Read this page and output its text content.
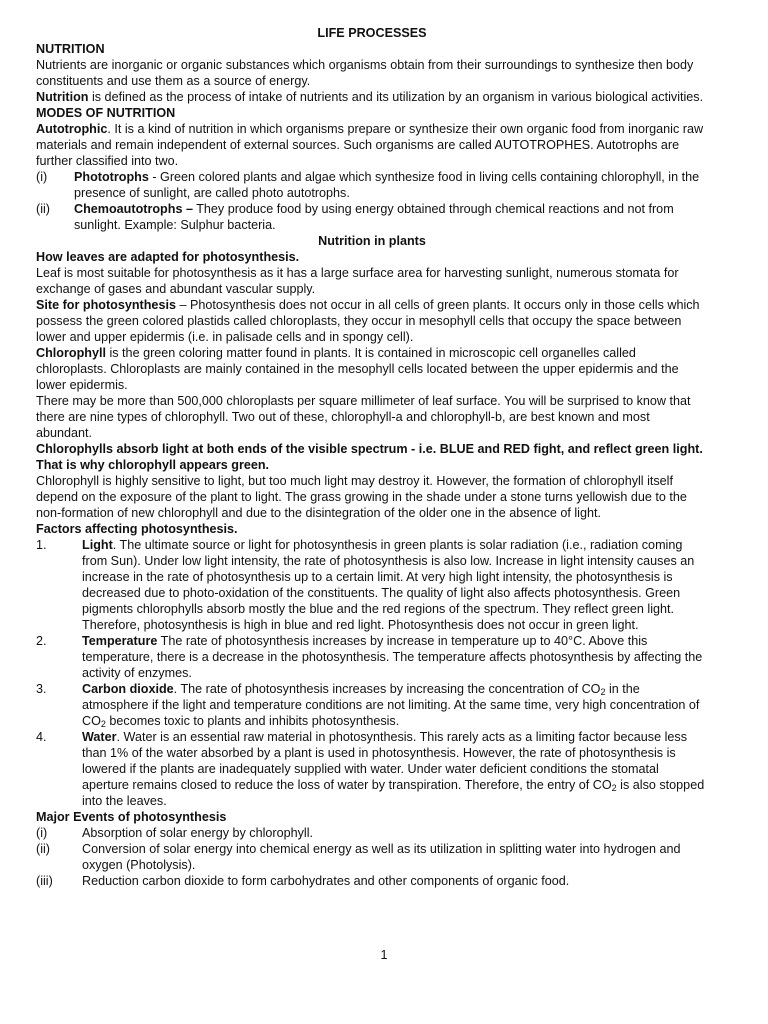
LIFE PROCESSES
NUTRITION

Nutrients are inorganic or organic substances which organisms obtain from their surroundings to synthesize then body constituents and use them as a source of energy.

Nutrition is defined as the process of intake of nutrients and its utilization by an organism in various biological activities.

MODES OF NUTRITION

Autotrophic. It is a kind of nutrition in which organisms prepare or synthesize their own organic food from inorganic raw materials and remain independent of external sources. Such organisms are called AUTOTROPHES. Autotrophs are further classified into two.

(i)	Phototrophs - Green colored plants and algae which synthesize food in living cells containing chlorophyll, in the presence of sunlight, are called photo autotrophs.
(ii)	Chemoautotrophs – They produce food by using energy obtained through chemical reactions and not from sunlight. Example: Sulphur bacteria.
Nutrition in plants
How leaves are adapted for photosynthesis.

Leaf is most suitable for photosynthesis as it has a large surface area for harvesting sunlight, numerous stomata for exchange of gases and abundant vascular supply.

Site for photosynthesis – Photosynthesis does not occur in all cells of green plants. It occurs only in those cells which possess the green colored plastids called chloroplasts, they occur in mesophyll cells that occupy the space between lower and upper epidermis (i.e. in palisade cells and in spongy cell).

Chlorophyll is the green coloring matter found in plants. It is contained in microscopic cell organelles called chloroplasts. Chloroplasts are mainly contained in the mesophyll cells located between the upper epidermis and the lower epidermis.

There may be more than 500,000 chloroplasts per square millimeter of leaf surface. You will be surprised to know that there are nine types of chlorophyll. Two out of these, chlorophyll-a and chlorophyll-b, are best known and most abundant.

Chlorophylls absorb light at both ends of the visible spectrum - i.e. BLUE and RED fight, and reflect green light. That is why chlorophyll appears green.

Chlorophyll is highly sensitive to light, but too much light may destroy it. However, the formation of chlorophyll itself depend on the exposure of the plant to light. The grass growing in the shade under a stone turns yellowish due to the non-formation of new chlorophyll and due to the disintegration of the older one in the absence of light.

Factors affecting photosynthesis.
1.	Light. The ultimate source or light for photosynthesis in green plants is solar radiation (i.e., radiation coming from Sun). Under low light intensity, the rate of photosynthesis is also low. Increase in light intensity causes an increase in the rate of photosynthesis up to a certain limit. At very high light intensity, the photosynthesis is decreased due to photo-oxidation of the constituents. The quality of light also affects photosynthesis. Green pigments chlorophylls absorb mostly the blue and the red regions of the spectrum. They reflect green light. Therefore, photosynthesis is high in blue and red light. Photosynthesis does not occur in green light.
2.	Temperature The rate of photosynthesis increases by increase in temperature up to 40°C. Above this temperature, there is a decrease in the photosynthesis. The temperature affects photosynthesis by affecting the activity of enzymes.
3.	Carbon dioxide. The rate of photosynthesis increases by increasing the concentration of $CO_2$ in the atmosphere if the light and temperature conditions are not limiting. At the same time, very high concentration of $CO_2$ becomes toxic to plants and inhibits photosynthesis.
4.	Water. Water is an essential raw material in photosynthesis. This rarely acts as a limiting factor because less than 1% of the water absorbed by a plant is used in photosynthesis. However, the rate of photosynthesis is lowered if the plants are inadequately supplied with water. Under water deficient conditions the stomatal aperture remains closed to reduce the loss of water by transpiration. Therefore, the entry of $CO_2$ is also stopped into the leaves.
Major Events of photosynthesis
(i)	Absorption of solar energy by chlorophyll.
(ii)	Conversion of solar energy into chemical energy as well as its utilization in splitting water into hydrogen and oxygen (Photolysis).
(iii)	Reduction carbon dioxide to form carbohydrates and other components of organic food.
1
